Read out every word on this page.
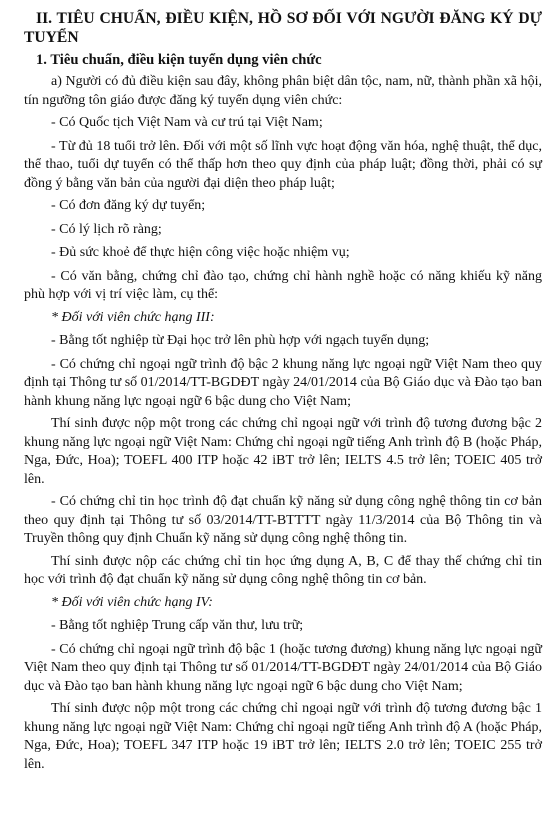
II. TIÊU CHUẨN, ĐIỀU KIỆN, HỒ SƠ ĐỐI VỚI NGƯỜI ĐĂNG KÝ DỰ TUYỂN
1. Tiêu chuẩn, điều kiện tuyển dụng viên chức

a) Người có đủ điều kiện sau đây, không phân biệt dân tộc, nam, nữ, thành phần xã hội, tín ngưỡng tôn giáo được đăng ký tuyển dụng viên chức:

- Có Quốc tịch Việt Nam và cư trú tại Việt Nam;

- Từ đủ 18 tuổi trở lên. Đối với một số lĩnh vực hoạt động văn hóa, nghệ thuật, thể dục, thể thao, tuổi dự tuyển có thể thấp hơn theo quy định của pháp luật; đồng thời, phải có sự đồng ý bằng văn bản của người đại diện theo pháp luật;

- Có đơn đăng ký dự tuyển;

- Có lý lịch rõ ràng;

- Đủ sức khoẻ để thực hiện công việc hoặc nhiệm vụ;

- Có văn bằng, chứng chỉ đào tạo, chứng chỉ hành nghề hoặc có năng khiếu kỹ năng phù hợp với vị trí việc làm, cụ thể:

* Đối với viên chức hạng III:

- Bằng tốt nghiệp từ Đại học trở lên phù hợp với ngạch tuyển dụng;

- Có chứng chỉ ngoại ngữ trình độ bậc 2 khung năng lực ngoại ngữ Việt Nam theo quy định tại Thông tư số 01/2014/TT-BGDĐT ngày 24/01/2014 của Bộ Giáo dục và Đào tạo ban hành khung năng lực ngoại ngữ 6 bậc dung cho Việt Nam;

Thí sinh được nộp một trong các chứng chỉ ngoại ngữ với trình độ tương đương bậc 2 khung năng lực ngoại ngữ Việt Nam: Chứng chỉ ngoại ngữ tiếng Anh trình độ B (hoặc Pháp, Nga, Đức, Hoa); TOEFL 400 ITP hoặc 42 iBT trở lên; IELTS 4.5 trở lên; TOEIC 405 trở lên.

- Có chứng chỉ tin học trình độ đạt chuẩn kỹ năng sử dụng công nghệ thông tin cơ bản theo quy định tại Thông tư số 03/2014/TT-BTTTT ngày 11/3/2014 của Bộ Thông tin và Truyền thông quy định Chuẩn kỹ năng sử dụng công nghệ thông tin.

Thí sinh được nộp các chứng chỉ tin học ứng dụng A, B, C để thay thế chứng chỉ tin học với trình độ đạt chuẩn kỹ năng sử dụng công nghệ thông tin cơ bản.

* Đối với viên chức hạng IV:

- Bằng tốt nghiệp Trung cấp văn thư, lưu trữ;

- Có chứng chỉ ngoại ngữ trình độ bậc 1 (hoặc tương đương) khung năng lực ngoại ngữ Việt Nam theo quy định tại Thông tư số 01/2014/TT-BGDĐT ngày 24/01/2014 của Bộ Giáo dục và Đào tạo ban hành khung năng lực ngoại ngữ 6 bậc dung cho Việt Nam;

Thí sinh được nộp một trong các chứng chỉ ngoại ngữ với trình độ tương đương bậc 1 khung năng lực ngoại ngữ Việt Nam: Chứng chỉ ngoại ngữ tiếng Anh trình độ A (hoặc Pháp, Nga, Đức, Hoa); TOEFL 347 ITP hoặc 19 iBT trở lên; IELTS 2.0 trở lên; TOEIC 255 trở lên.
